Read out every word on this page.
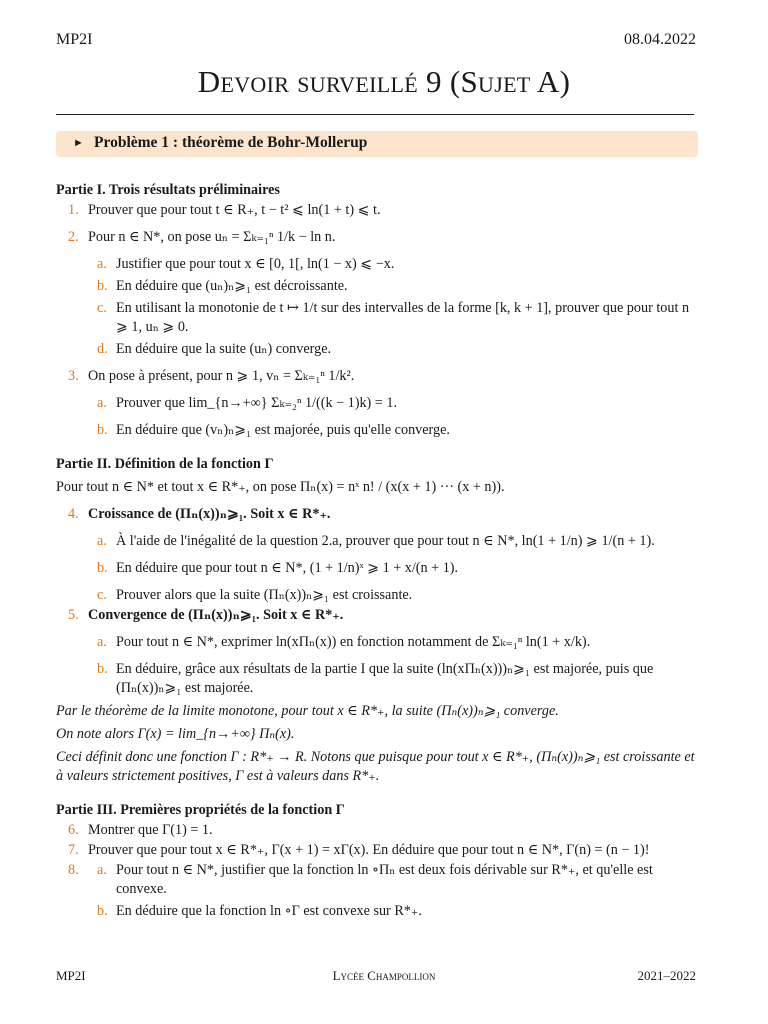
MP2I	08.04.2022
Devoir surveillé 9 (Sujet A)
► Problème 1 : théorème de Bohr-Mollerup
Partie I. Trois résultats préliminaires
1. Prouver que pour tout t ∈ R₊, t − t² ⩽ ln(1 + t) ⩽ t.
2. Pour n ∈ N*, on pose uₙ = Σₖ₌₁ⁿ 1/k − ln n.
a. Justifier que pour tout x ∈ [0, 1[, ln(1 − x) ⩽ −x.
b. En déduire que (uₙ)ₙ⩾₁ est décroissante.
c. En utilisant la monotonie de t ↦ 1/t sur des intervalles de la forme [k, k + 1], prouver que pour tout n ⩾ 1, uₙ ⩾ 0.
d. En déduire que la suite (uₙ) converge.
3. On pose à présent, pour n ⩾ 1, vₙ = Σₖ₌₁ⁿ 1/k².
a. Prouver que lim_{n→+∞} Σₖ₌₂ⁿ 1/((k − 1)k) = 1.
b. En déduire que (vₙ)ₙ⩾₁ est majorée, puis qu'elle converge.
Partie II. Définition de la fonction Γ
Pour tout n ∈ N* et tout x ∈ R*₊, on pose Πₙ(x) = nˣ n! / (x(x + 1) ··· (x + n)).
4. Croissance de (Πₙ(x))ₙ⩾₁. Soit x ∈ R*₊.
a. À l'aide de l'inégalité de la question 2.a, prouver que pour tout n ∈ N*, ln(1 + 1/n) ⩾ 1/(n + 1).
b. En déduire que pour tout n ∈ N*, (1 + 1/n)ˣ ⩾ 1 + x/(n + 1).
c. Prouver alors que la suite (Πₙ(x))ₙ⩾₁ est croissante.
5. Convergence de (Πₙ(x))ₙ⩾₁. Soit x ∈ R*₊.
a. Pour tout n ∈ N*, exprimer ln(xΠₙ(x)) en fonction notamment de Σₖ₌₁ⁿ ln(1 + x/k).
b. En déduire, grâce aux résultats de la partie I que la suite (ln(xΠₙ(x)))ₙ⩾₁ est majorée, puis que (Πₙ(x))ₙ⩾₁ est majorée.
Par le théorème de la limite monotone, pour tout x ∈ R*₊, la suite (Πₙ(x))ₙ⩾₁ converge.
On note alors Γ(x) = lim_{n→+∞} Πₙ(x).
Ceci définit donc une fonction Γ : R*₊ → R. Notons que puisque pour tout x ∈ R*₊, (Πₙ(x))ₙ⩾₁ est croissante et à valeurs strictement positives, Γ est à valeurs dans R*₊.
Partie III. Premières propriétés de la fonction Γ
6. Montrer que Γ(1) = 1.
7. Prouver que pour tout x ∈ R*₊, Γ(x + 1) = xΓ(x). En déduire que pour tout n ∈ N*, Γ(n) = (n − 1)!
8. a. Pour tout n ∈ N*, justifier que la fonction ln ∘Πₙ est deux fois dérivable sur R*₊, et qu'elle est convexe.
b. En déduire que la fonction ln ∘Γ est convexe sur R*₊.
MP2I	Lycée Champollion	2021–2022
